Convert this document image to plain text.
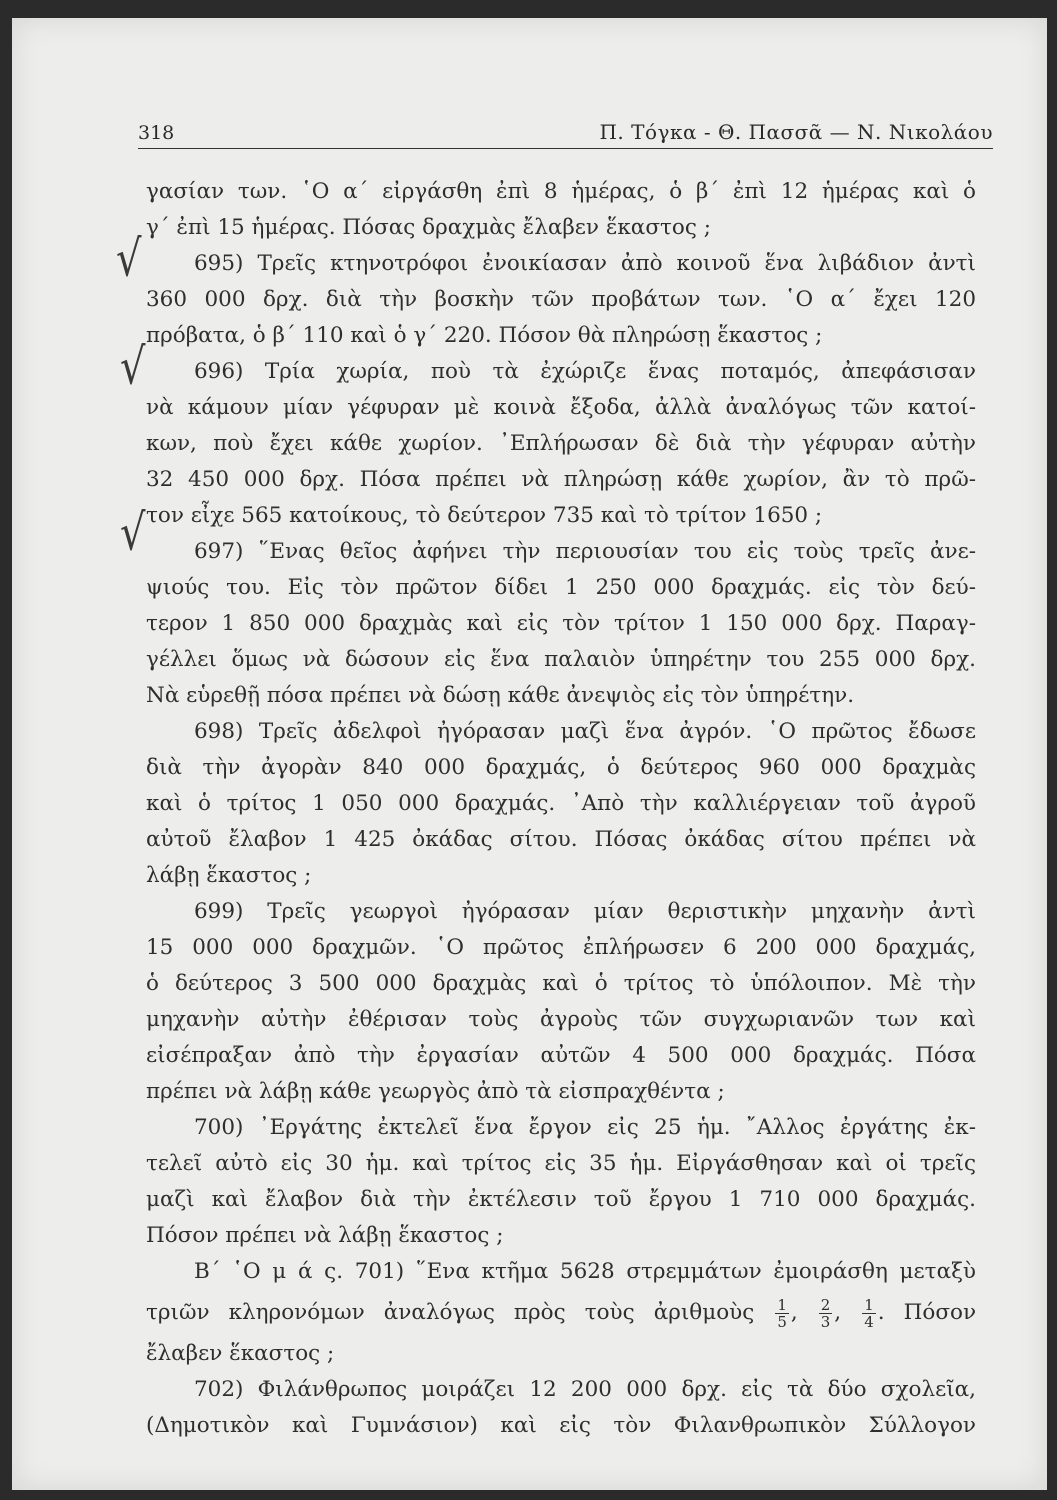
318	Π. Τόγκα - Θ. Πασσᾶ — Ν. Νικολάου
√
√
√
γασίαν των. ῾Ο α΄ εἰργάσθη ἐπὶ 8 ἡμέρας, ὁ β΄ ἐπὶ 12 ἡμέρας καὶ ὁ
γ΄ ἐπὶ 15 ἡμέρας. Πόσας δραχμὰς ἔλαβεν ἕκαστος ;
695) Τρεῖς κτηνοτρόφοι ἐνοικίασαν ἀπὸ κοινοῦ ἕνα λιβάδιον ἀντὶ
360 000 δρχ. διὰ τὴν βοσκὴν τῶν προβάτων των. ῾Ο α΄ ἔχει 120
πρόβατα, ὁ β΄ 110 καὶ ὁ γ΄ 220. Πόσον θὰ πληρώσῃ ἕκαστος ;
696) Τρία χωρία, ποὺ τὰ ἐχώριζε ἕνας ποταμός, ἀπεφάσισαν
νὰ κάμουν μίαν γέφυραν μὲ κοινὰ ἔξοδα, ἀλλὰ ἀναλόγως τῶν κατοί-
κων, ποὺ ἔχει κάθε χωρίον. ᾿Επλήρωσαν δὲ διὰ τὴν γέφυραν αὐτὴν
32 450 000 δρχ. Πόσα πρέπει νὰ πληρώσῃ κάθε χωρίον, ἂν τὸ πρῶ-
τον εἶχε 565 κατοίκους, τὸ δεύτερον 735 καὶ τὸ τρίτον 1650 ;
697) ῞Ενας θεῖος ἀφήνει τὴν περιουσίαν του εἰς τοὺς τρεῖς ἀνε-
ψιούς του. Εἰς τὸν πρῶτον δίδει 1 250 000 δραχμάς. εἰς τὸν δεύ-
τερον 1 850 000 δραχμὰς καὶ εἰς τὸν τρίτον 1 150 000 δρχ. Παραγ-
γέλλει ὅμως νὰ δώσουν εἰς ἕνα παλαιὸν ὑπηρέτην του 255 000 δρχ.
Νὰ εὑρεθῇ πόσα πρέπει νὰ δώσῃ κάθε ἀνεψιὸς εἰς τὸν ὑπηρέτην.
698) Τρεῖς ἀδελφοὶ ἠγόρασαν μαζὶ ἕνα ἀγρόν. ῾Ο πρῶτος ἔδωσε
διὰ τὴν ἀγορὰν 840 000 δραχμάς, ὁ δεύτερος 960 000 δραχμὰς
καὶ ὁ τρίτος 1 050 000 δραχμάς. ᾿Απὸ τὴν καλλιέργειαν τοῦ ἀγροῦ
αὐτοῦ ἔλαβον 1 425 ὀκάδας σίτου. Πόσας ὀκάδας σίτου πρέπει νὰ
λάβῃ ἕκαστος ;
699) Τρεῖς γεωργοὶ ἠγόρασαν μίαν θεριστικὴν μηχανὴν ἀντὶ
15 000 000 δραχμῶν. ῾Ο πρῶτος ἐπλήρωσεν 6 200 000 δραχμάς,
ὁ δεύτερος 3 500 000 δραχμὰς καὶ ὁ τρίτος τὸ ὑπόλοιπον. Μὲ τὴν
μηχανὴν αὐτὴν ἐθέρισαν τοὺς ἀγροὺς τῶν συγχωριανῶν των καὶ
εἰσέπραξαν ἀπὸ τὴν ἐργασίαν αὐτῶν 4 500 000 δραχμάς. Πόσα
πρέπει νὰ λάβῃ κάθε γεωργὸς ἀπὸ τὰ εἰσπραχθέντα ;
700) ᾿Εργάτης ἐκτελεῖ ἕνα ἔργον εἰς 25 ἡμ. ῎Αλλος ἐργάτης ἐκ-
τελεῖ αὐτὸ εἰς 30 ἡμ. καὶ τρίτος εἰς 35 ἡμ. Εἰργάσθησαν καὶ οἱ τρεῖς
μαζὶ καὶ ἔλαβον διὰ τὴν ἐκτέλεσιν τοῦ ἔργου 1 710 000 δραχμάς.
Πόσον πρέπει νὰ λάβῃ ἕκαστος ;
Β΄ ῾Ο μ ά ς. 701) ῞Ενα κτῆμα 5628 στρεμμάτων ἐμοιράσθη μεταξὺ
τριῶν κληρονόμων ἀναλόγως πρὸς τοὺς ἀριθμοὺς $\frac{1}{5}$ , $\frac{2}{3}$ , $\frac{1}{4}$ . Πόσον
ἔλαβεν ἕκαστος ;
702) Φιλάνθρωπος μοιράζει 12 200 000 δρχ. εἰς τὰ δύο σχολεῖα,
(Δημοτικὸν καὶ Γυμνάσιον) καὶ εἰς τὸν Φιλανθρωπικὸν Σύλλογον
